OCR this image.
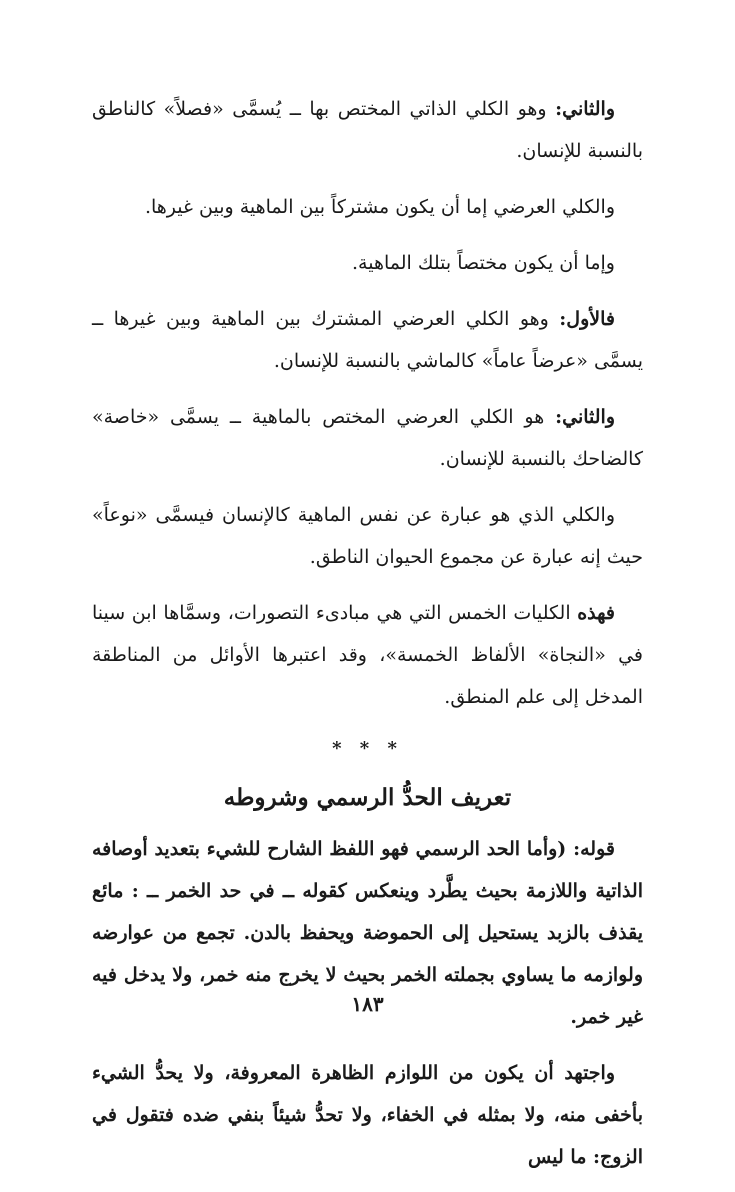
والثاني: وهو الكلي الذاتي المختص بها ــ يُسمَّى «فصلاً» كالناطق بالنسبة للإنسان.

والكلي العرضي إما أن يكون مشتركاً بين الماهية وبين غيرها.

وإما أن يكون مختصاً بتلك الماهية.

فالأول: وهو الكلي العرضي المشترك بين الماهية وبين غيرها ــ يسمَّى «عرضاً عاماً» كالماشي بالنسبة للإنسان.

والثاني: هو الكلي العرضي المختص بالماهية ــ يسمَّى «خاصة» كالضاحك بالنسبة للإنسان.

والكلي الذي هو عبارة عن نفس الماهية كالإنسان فيسمَّى «نوعاً» حيث إنه عبارة عن مجموع الحيوان الناطق.

فهذه الكليات الخمس التي هي مبادىء التصورات، وسمَّاها ابن سينا في «النجاة» الألفاظ الخمسة»، وقد اعتبرها الأوائل من المناطقة المدخل إلى علم المنطق.

* * *
تعريف الحدُّ الرسمي وشروطه

قوله: (وأما الحد الرسمي فهو اللفظ الشارح للشيء بتعديد أوصافه الذاتية واللازمة بحيث يطَّرد وينعكس كقوله ــ في حد الخمر ــ : مائع يقذف بالزبد يستحيل إلى الحموضة ويحفظ بالدن. تجمع من عوارضه ولوازمه ما يساوي بجملته الخمر بحيث لا يخرج منه خمر، ولا يدخل فيه غير خمر.

واجتهد أن يكون من اللوازم الظاهرة المعروفة، ولا يحدُّ الشيء بأخفى منه، ولا بمثله في الخفاء، ولا تحدُّ شيئاً بنفي ضده فتقول في الزوج: ما ليس

١٨٣
